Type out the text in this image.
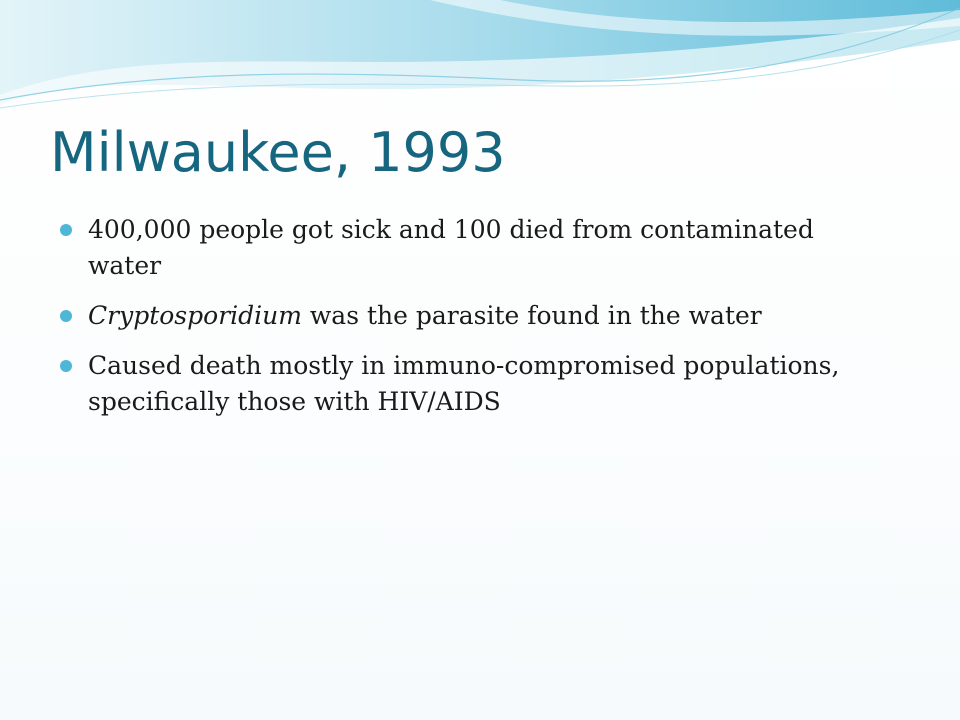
Milwaukee, 1993
400,000 people got sick and 100 died from contaminated water
Cryptosporidium was the parasite found in the water
Caused death mostly in immuno-compromised populations, specifically those with HIV/AIDS
